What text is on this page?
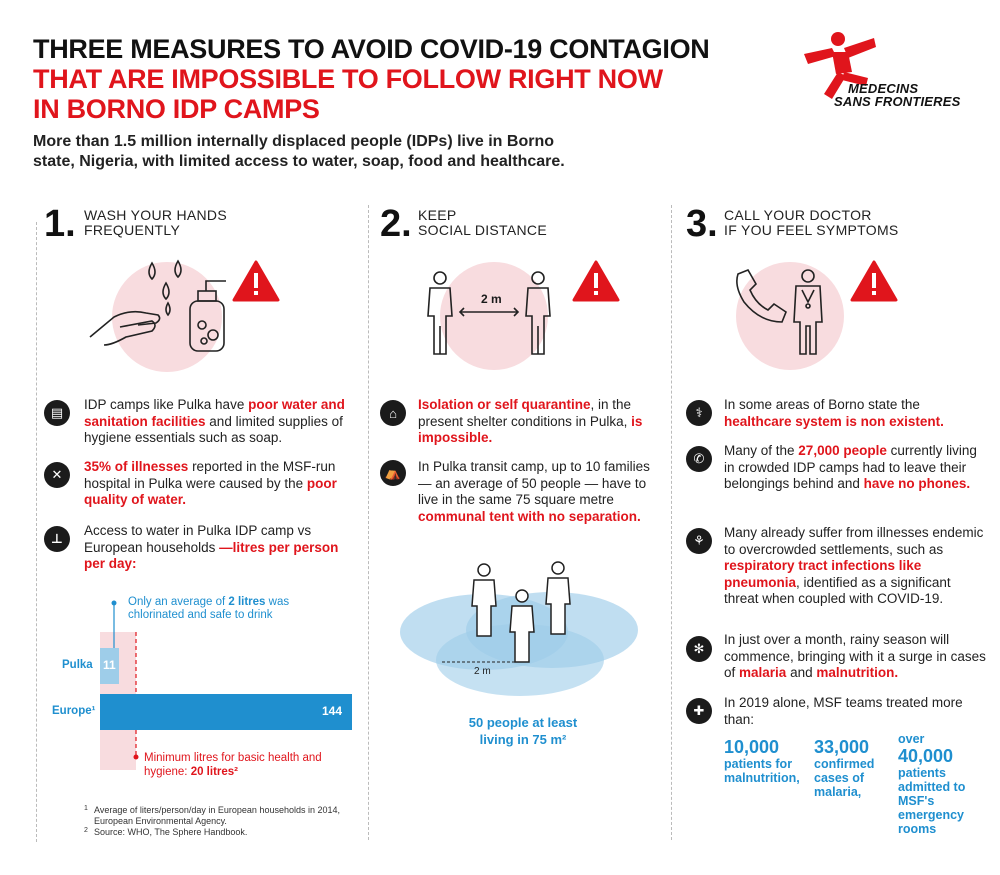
THREE MEASURES TO AVOID COVID-19 CONTAGION
THAT ARE IMPOSSIBLE TO FOLLOW RIGHT NOW
IN BORNO IDP CAMPS
More than 1.5 million internally displaced people (IDPs) live in Borno state, Nigeria, with limited access to water, soap, food and healthcare.
MEDECINS
SANS FRONTIERES
1. WASH YOUR HANDS
FREQUENTLY
▤
IDP camps like Pulka have poor water and sanitation facilities and limited supplies of hygiene essentials such as soap.
✕
35% of illnesses reported in the MSF-run hospital in Pulka were caused by the poor quality of water.
⊥
Access to water in Pulka IDP camp vs European households —litres per person per day:
11
144
Pulka
Europe¹
Only an average of 2 litres was chlorinated and safe to drink
Minimum litres for basic health and hygiene: 20 litres²
1 Average of liters/person/day in European households in 2014, European Environmental Agency.
2 Source: WHO, The Sphere Handbook.
2. KEEP
SOCIAL DISTANCE
2 m
⌂
Isolation or self quarantine, in the present shelter conditions in Pulka, is impossible.
⛺	In Pulka transit camp, up to 10 families — an average of 50 people — have to live in the same 75 square metre communal tent with no separation.
2 m
50 people at least
living in 75 m²
3. CALL YOUR DOCTOR
IF YOU FEEL SYMPTOMS
⚕
In some areas of Borno state the healthcare system is non existent.
✆
Many of the 27,000 people currently living in crowded IDP camps had to leave their belongings behind and have no phones.
⚘
Many already suffer from illnesses endemic to overcrowded settlements, such as respiratory tract infections like pneumonia, identified as a significant threat when coupled with COVID-19.
✻
In just over a month, rainy season will commence, bringing with it a surge in cases of malaria and malnutrition.
✚
In 2019 alone, MSF teams treated more than:
10,000
patients for malnutrition,
33,000
confirmed cases of malaria,
over
40,000
patients admitted to MSF's emergency rooms
